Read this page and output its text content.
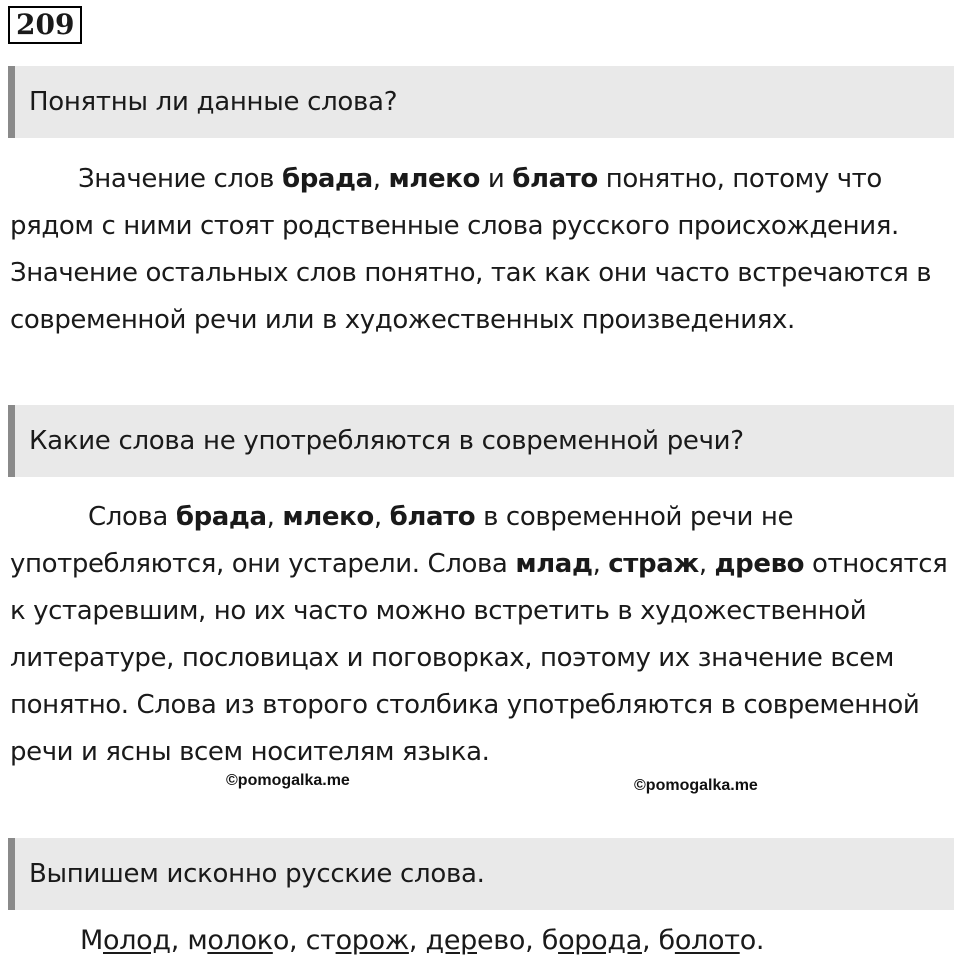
209
Понятны ли данные слова?
Значение слов брада, млеко и блато понятно, потому что рядом с ними стоят родственные слова русского происхождения. Значение остальных слов понятно, так как они часто встречаются в современной речи или в художественных произведениях.
Какие слова не употребляются в современной речи?
Слова брада, млеко, блато в современной речи не употребляются, они устарели. Слова млад, страж, древо относятся к устаревшим, но их часто можно встретить в художественной литературе, пословицах и поговорках, поэтому их значение всем понятно. Слова из второго столбика употребляются в современной речи и ясны всем носителям языка.
©pomogalka.me	©pomogalka.me
Выпишем исконно русские слова.
Молод, молоко, сторож, дерево, борода, болото.
